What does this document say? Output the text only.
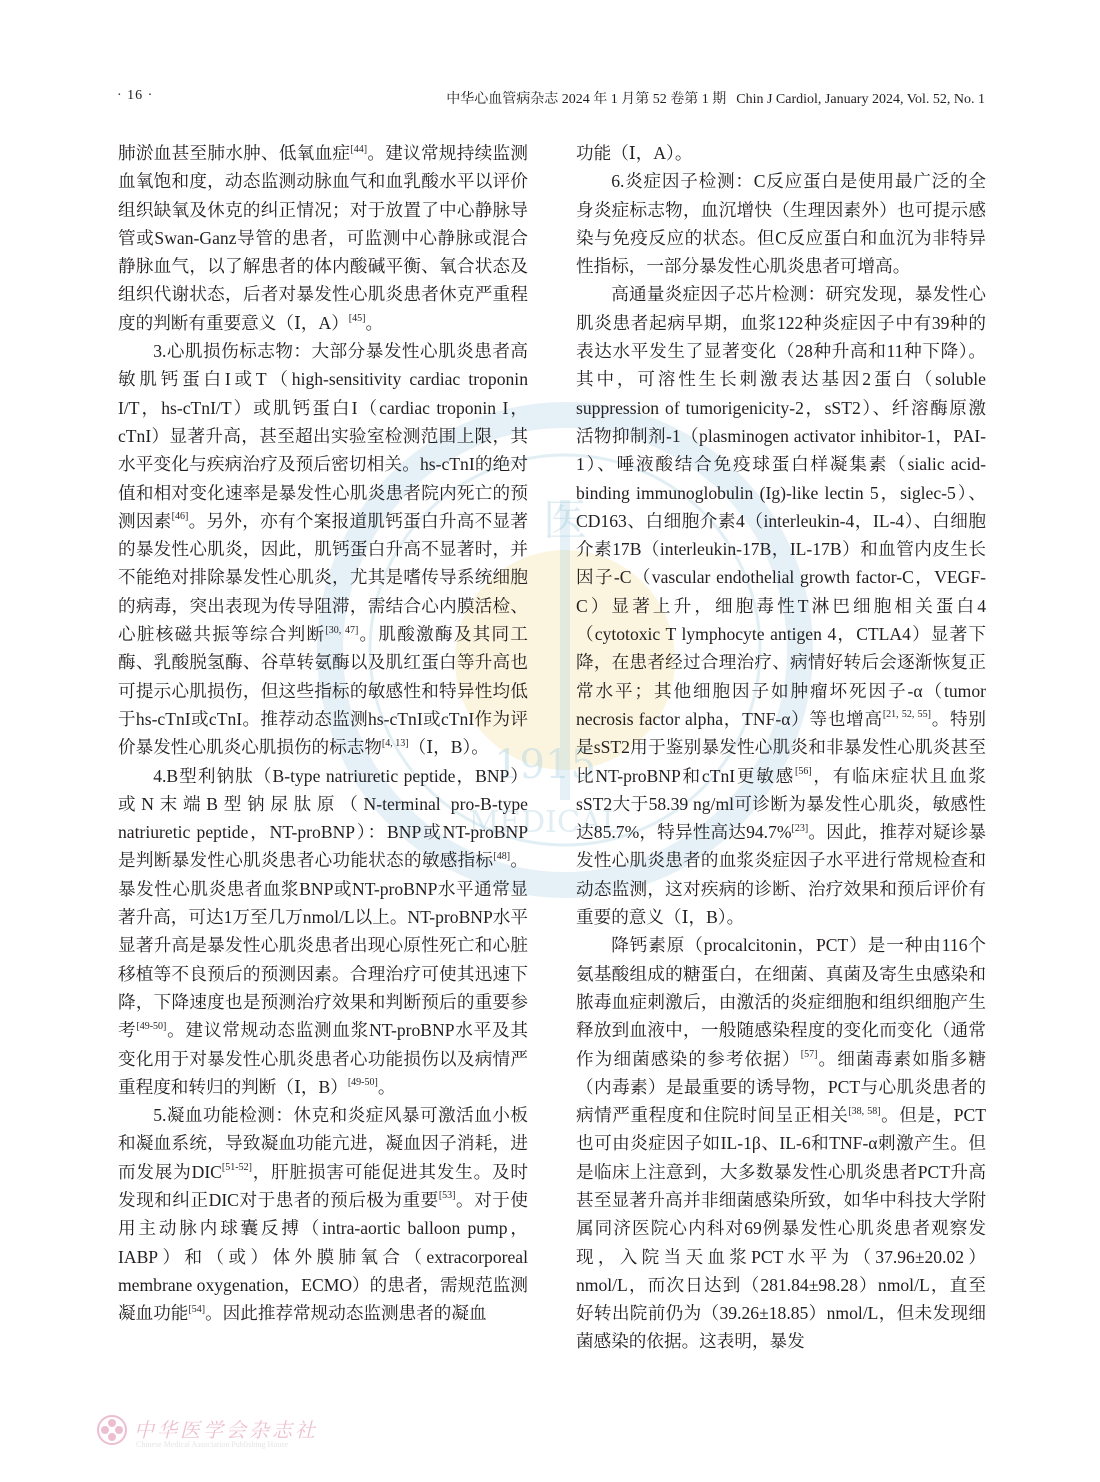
医
1915
MEDICAL
· 16 ·	中华心血管病杂志 2024 年 1 月第 52 卷第 1 期 Chin J Cardiol, January 2024, Vol. 52, No. 1

肺淤血甚至肺水肿、低氧血症[44]。建议常规持续监测血氧饱和度，动态监测动脉血气和血乳酸水平以评价组织缺氧及休克的纠正情况；对于放置了中心静脉导管或Swan-Ganz导管的患者，可监测中心静脉或混合静脉血气，以了解患者的体内酸碱平衡、氧合状态及组织代谢状态，后者对暴发性心肌炎患者休克严重程度的判断有重要意义（Ⅰ，A）[45]。

3.心肌损伤标志物：大部分暴发性心肌炎患者高敏肌钙蛋白I或T（high-sensitivity cardiac troponin I/T，hs-cTnI/T）或肌钙蛋白I（cardiac troponin I，cTnI）显著升高，甚至超出实验室检测范围上限，其水平变化与疾病治疗及预后密切相关。hs-cTnI的绝对值和相对变化速率是暴发性心肌炎患者院内死亡的预测因素[46]。另外，亦有个案报道肌钙蛋白升高不显著的暴发性心肌炎，因此，肌钙蛋白升高不显著时，并不能绝对排除暴发性心肌炎，尤其是嗜传导系统细胞的病毒，突出表现为传导阻滞，需结合心内膜活检、心脏核磁共振等综合判断[30, 47]。肌酸激酶及其同工酶、乳酸脱氢酶、谷草转氨酶以及肌红蛋白等升高也可提示心肌损伤，但这些指标的敏感性和特异性均低于hs-cTnI或cTnI。推荐动态监测hs-cTnI或cTnI作为评价暴发性心肌炎心肌损伤的标志物[4, 13]（Ⅰ，B）。

4.B型利钠肽（B-type natriuretic peptide，BNP）或N末端B型钠尿肽原（N-terminal pro-B-type natriuretic peptide，NT-proBNP）：BNP或NT-proBNP是判断暴发性心肌炎患者心功能状态的敏感指标[48]。暴发性心肌炎患者血浆BNP或NT-proBNP水平通常显著升高，可达1万至几万nmol/L以上。NT-proBNP水平显著升高是暴发性心肌炎患者出现心原性死亡和心脏移植等不良预后的预测因素。合理治疗可使其迅速下降，下降速度也是预测治疗效果和判断预后的重要参考[49-50]。建议常规动态监测血浆NT-proBNP水平及其变化用于对暴发性心肌炎患者心功能损伤以及病情严重程度和转归的判断（Ⅰ，B）[49-50]。

5.凝血功能检测：休克和炎症风暴可激活血小板和凝血系统，导致凝血功能亢进，凝血因子消耗，进而发展为DIC[51-52]，肝脏损害可能促进其发生。及时发现和纠正DIC对于患者的预后极为重要[53]。对于使用主动脉内球囊反搏（intra-aortic balloon pump，IABP）和（或）体外膜肺氧合（extracorporeal membrane oxygenation，ECMO）的患者，需规范监测凝血功能[54]。因此推荐常规动态监测患者的凝血

功能（Ⅰ，A）。

6.炎症因子检测：C反应蛋白是使用最广泛的全身炎症标志物，血沉增快（生理因素外）也可提示感染与免疫反应的状态。但C反应蛋白和血沉为非特异性指标，一部分暴发性心肌炎患者可增高。

高通量炎症因子芯片检测：研究发现，暴发性心肌炎患者起病早期，血浆122种炎症因子中有39种的表达水平发生了显著变化（28种升高和11种下降）。其中，可溶性生长刺激表达基因2蛋白（soluble suppression of tumorigenicity-2，sST2）、纤溶酶原激活物抑制剂-1（plasminogen activator inhibitor-1，PAI-1）、唾液酸结合免疫球蛋白样凝集素（sialic acid-binding immunoglobulin (Ig)-like lectin 5，siglec-5）、CD163、白细胞介素4（interleukin-4，IL-4）、白细胞介素17B（interleukin-17B，IL-17B）和血管内皮生长因子-C（vascular endothelial growth factor-C，VEGF-C）显著上升，细胞毒性T淋巴细胞相关蛋白4（cytotoxic T lymphocyte antigen 4，CTLA4）显著下降，在患者经过合理治疗、病情好转后会逐渐恢复正常水平；其他细胞因子如肿瘤坏死因子-α（tumor necrosis factor alpha，TNF-α）等也增高[21, 52, 55]。特别是sST2用于鉴别暴发性心肌炎和非暴发性心肌炎甚至比NT-proBNP和cTnI更敏感[56]，有临床症状且血浆sST2大于58.39 ng/ml可诊断为暴发性心肌炎，敏感性达85.7%，特异性高达94.7%[23]。因此，推荐对疑诊暴发性心肌炎患者的血浆炎症因子水平进行常规检查和动态监测，这对疾病的诊断、治疗效果和预后评价有重要的意义（Ⅰ，B）。

降钙素原（procalcitonin，PCT）是一种由116个氨基酸组成的糖蛋白，在细菌、真菌及寄生虫感染和脓毒血症刺激后，由激活的炎症细胞和组织细胞产生释放到血液中，一般随感染程度的变化而变化（通常作为细菌感染的参考依据）[57]。细菌毒素如脂多糖（内毒素）是最重要的诱导物，PCT与心肌炎患者的病情严重程度和住院时间呈正相关[38, 58]。但是，PCT也可由炎症因子如IL-1β、IL-6和TNF-α刺激产生。但是临床上注意到，大多数暴发性心肌炎患者PCT升高甚至显著升高并非细菌感染所致，如华中科技大学附属同济医院心内科对69例暴发性心肌炎患者观察发现，入院当天血浆PCT水平为（37.96±20.02）nmol/L，而次日达到（281.84±98.28）nmol/L，直至好转出院前仍为（39.26±18.85）nmol/L，但未发现细菌感染的依据。这表明，暴发

中华医学会杂志社
Chinese Medical Association Publishing House
